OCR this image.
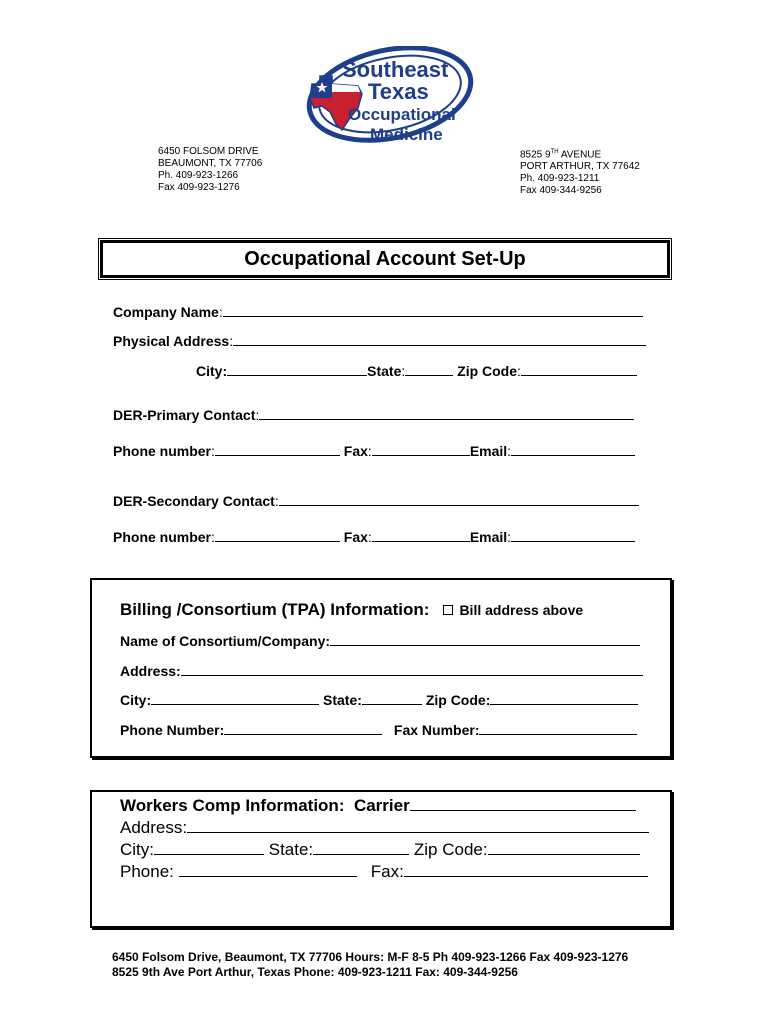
Southeast
Texas
Occupational
Medicine
6450 FOLSOM DRIVE
BEAUMONT, TX 77706
Ph. 409-923-1266
Fax 409-923-1276
8525 9TH AVENUE
PORT ARTHUR, TX 77642
Ph. 409-923-1211
Fax 409-344-9256
Occupational Account Set-Up
Company Name:
Physical Address:
City:	State:	Zip Code:
DER-Primary Contact:
Phone number:	Fax:	Email:
DER-Secondary Contact:
Phone number:	Fax:	Email:
Billing /Consortium (TPA) Information: Bill address above
Name of Consortium/Company:
Address:
City:	State:	Zip Code:
Phone Number:	Fax Number:
Workers Comp Information: Carrier
Address:
City:	State:	Zip Code:
Phone:	Fax:
6450 Folsom Drive, Beaumont, TX 77706 Hours: M-F 8-5 Ph 409-923-1266 Fax 409-923-1276
8525 9th Ave Port Arthur, Texas Phone: 409-923-1211 Fax: 409-344-9256
